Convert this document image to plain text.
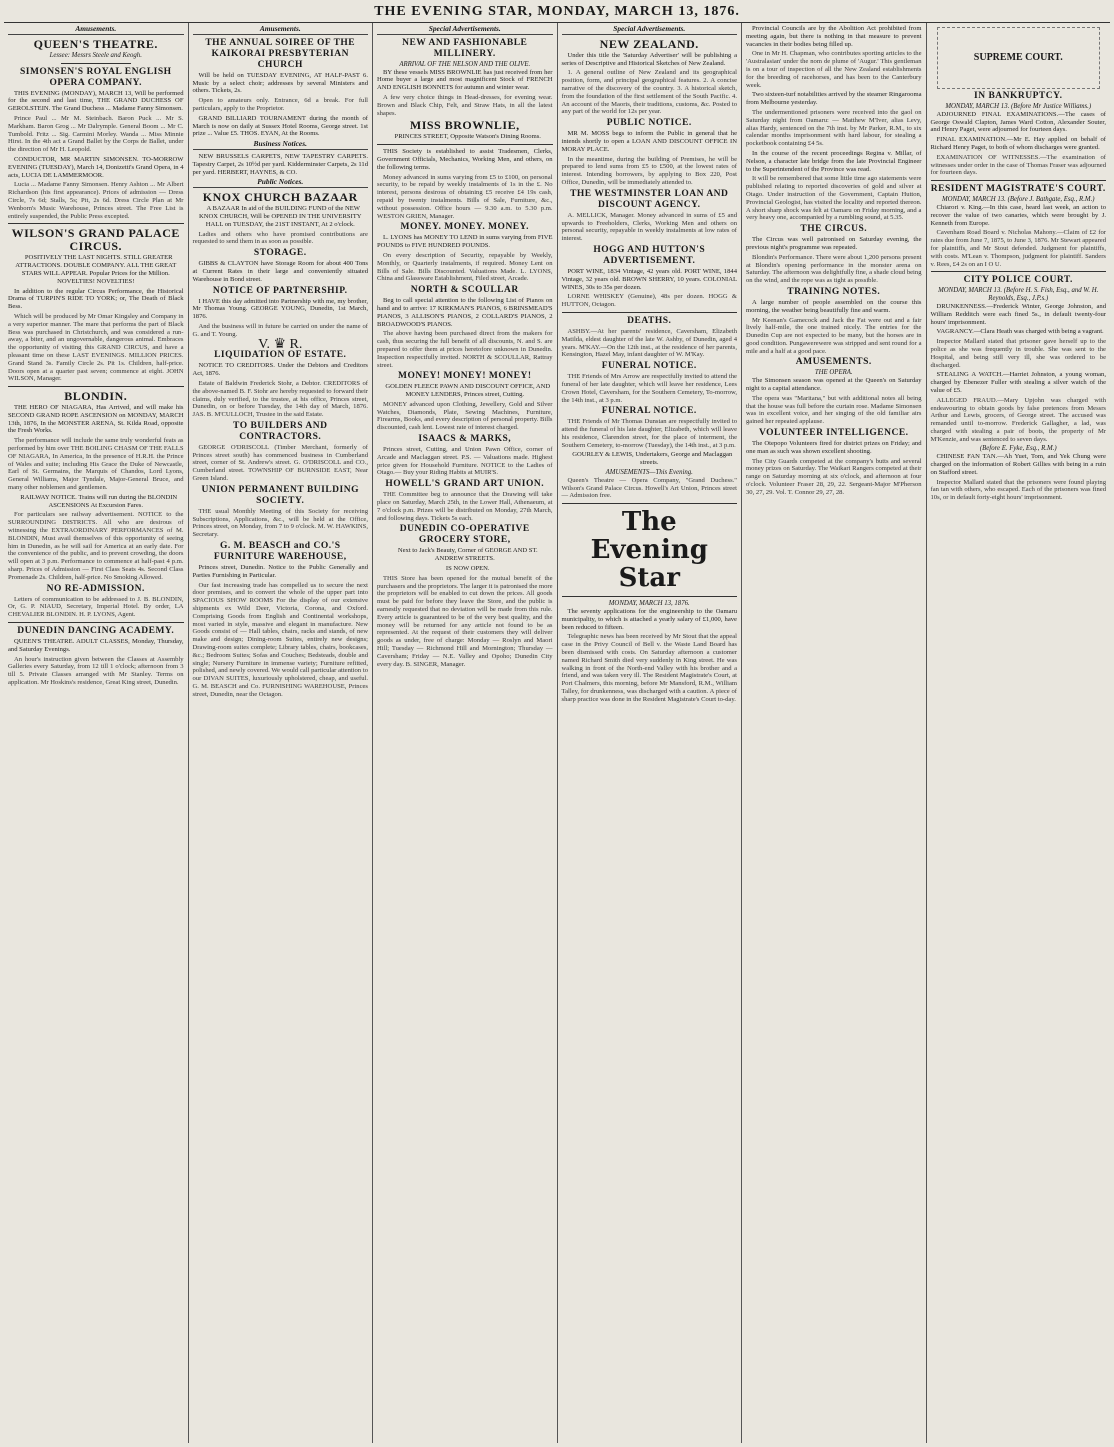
THE EVENING STAR, MONDAY, MARCH 13, 1876.
Amusements.
QUEEN'S THEATRE.
Lessee: Messrs Steele and Keogh.
SIMONSEN'S ROYAL ENGLISH OPERA COMPANY.

THIS EVENING (MONDAY), MARCH 13, Will be performed for the second and last time, THE GRAND DUCHESS OF GEROLSTEIN. The Grand Duchess ... Madame Fanny Simonsen.

Prince Paul ... Mr M. Steinbach. Baron Puck ... Mr S. Markham. Baron Grog ... Mr Dalrymple. General Boom ... Mr C. Tumbold. Fritz ... Sig. Carmini Morley. Wanda ... Miss Minnie Hirst. In the 4th act a Grand Ballet by the Corps de Ballet, under the direction of Mr H. Leopold.

CONDUCTOR, MR MARTIN SIMONSEN. TO-MORROW EVENING (TUESDAY), March 14, Donizetti's Grand Opera, in 4 acts, LUCIA DE LAMMERMOOR.

Lucia ... Madame Fanny Simonsen. Henry Ashton ... Mr Albert Richardson (his first appearance). Prices of admission — Dress Circle, 7s 6d; Stalls, 5s; Pit, 2s 6d. Dress Circle Plan at Mr Wenborn's Music Warehouse, Princes street. The Free List is entirely suspended, the Public Press excepted.

WILSON'S GRAND PALACE CIRCUS.

POSITIVELY THE LAST NIGHTS. STILL GREATER ATTRACTIONS. DOUBLE COMPANY. ALL THE GREAT STARS WILL APPEAR. Popular Prices for the Million. NOVELTIES! NOVELTIES!

In addition to the regular Circus Performance, the Historical Drama of TURPIN'S RIDE TO YORK; or, The Death of Black Bess.

Which will be produced by Mr Omar Kingsley and Company in a very superior manner. The mare that performs the part of Black Bess was purchased in Christchurch, and was considered a run-away, a biter, and an ungovernable, dangerous animal. Embraces the opportunity of visiting this GRAND CIRCUS, and have a pleasant time on these LAST EVENINGS. MILLION PRICES. Grand Stand 3s. Family Circle 2s. Pit 1s. Children, half-price. Doors open at a quarter past seven; commence at eight. JOHN WILSON, Manager.

BLONDIN.

THE HERO OF NIAGARA, Has Arrived, and will make his SECOND GRAND ROPE ASCENSION on MONDAY, MARCH 13th, 1876, In the MONSTER ARENA, St. Kilda Road, opposite the Fresh Works.

The performance will include the same truly wonderful feats as performed by him over THE BOILING CHASM OF THE FALLS OF NIAGARA, In America, In the presence of H.R.H. the Prince of Wales and suite; including His Grace the Duke of Newcastle, Earl of St. Germains, the Marquis of Chandos, Lord Lyons, General Williams, Major Tyndale, Major-General Bruce, and many other noblemen and gentlemen.

RAILWAY NOTICE. Trains will run during the BLONDIN ASCENSIONS At Excursion Fares.

For particulars see railway advertisement. NOTICE to the SURROUNDING DISTRICTS. All who are desirous of witnessing the EXTRAORDINARY PERFORMANCES of M. BLONDIN, Must avail themselves of this opportunity of seeing him in Dunedin, as he will sail for America at an early date. For the convenience of the public, and to prevent crowding, the doors will open at 3 p.m. Performance to commence at half-past 4 p.m. sharp. Prices of Admission — First Class Seats 4s. Second Class Promenade 2s. Children, half-price. No Smoking Allowed.

NO RE-ADMISSION.

Letters of communication to be addressed to J. B. BLONDIN, Or, G. P. NIAUD, Secretary, Imperial Hotel. By order, LA CHEVALIER BLONDIN. H. P. LYONS, Agent.

DUNEDIN DANCING ACADEMY.

QUEEN'S THEATRE. ADULT CLASSES, Monday, Thursday, and Saturday Evenings.

An hour's instruction given between the Classes at Assembly Galleries every Saturday, from 12 till 1 o'clock; afternoon from 3 till 5. Private Classes arranged with Mr Stanley. Terms on application. Mr Hoskins's residence, Great King street, Dunedin.

Amusements.
THE ANNUAL SOIREE OF THE KAIKORAI PRESBYTERIAN CHURCH

Will be held on TUESDAY EVENING, AT HALF-PAST 6. Music by a select choir; addresses by several Ministers and others. Tickets, 2s.

Open to amateurs only. Entrance, 6d a break. For full particulars, apply to the Proprietor.

GRAND BILLIARD TOURNAMENT during the month of March is now on daily at Sussex Hotel Rooms, George street. 1st prize ... Value £5. THOS. EYAN, At the Rooms.

Business Notices.

NEW BRUSSELS CARPETS, NEW TAPESTRY CARPETS. Tapestry Carpet, 2s 10½d per yard. Kidderminster Carpets, 2s 11d per yard. HERBERT, HAYNES, & CO.

Public Notices.
KNOX CHURCH BAZAAR

A BAZAAR In aid of the BUILDING FUND of the NEW KNOX CHURCH, Will be OPENED IN THE UNIVERSITY HALL on TUESDAY, the 21ST INSTANT, At 2 o'clock.

Ladies and others who have promised contributions are requested to send them in as soon as possible.

STORAGE.

GIBBS & CLAYTON have Storage Room for about 400 Tons at Current Rates in their large and conveniently situated Warehouse in Bond street.

NOTICE OF PARTNERSHIP.

I HAVE this day admitted into Partnership with me, my brother, Mr Thomas Young. GEORGE YOUNG, Dunedin, 1st March, 1876.

And the business will in future be carried on under the name of G. and T. Young.

V. ♛ R.
LIQUIDATION OF ESTATE.

NOTICE TO CREDITORS. Under the Debtors and Creditors Act, 1876.

Estate of Baldwin Frederick Stohr, a Debtor. CREDITORS of the above-named B. F. Stohr are hereby requested to forward their claims, duly verified, to the trustee, at his office, Princes street, Dunedin, on or before Tuesday, the 14th day of March, 1876. JAS. B. M'CULLOCH, Trustee in the said Estate.

TO BUILDERS AND CONTRACTORS.

GEORGE O'DRISCOLL (Timber Merchant, formerly of Princes street south) has commenced business in Cumberland street, corner of St. Andrew's street. G. O'DRISCOLL and CO., Cumberland street. TOWNSHIP OF BURNSIDE EAST, Near Green Island.

UNION PERMANENT BUILDING SOCIETY.

THE usual Monthly Meeting of this Society for receiving Subscriptions, Applications, &c., will be held at the Office, Princes street, on Monday, from 7 to 9 o'clock. M. W. HAWKINS, Secretary.

G. M. BEASCH and CO.'S FURNITURE WAREHOUSE,

Princes street, Dunedin. Notice to the Public Generally and Parties Furnishing in Particular.

Our fast increasing trade has compelled us to secure the next door premises, and to convert the whole of the upper part into SPACIOUS SHOW ROOMS For the display of our extensive shipments ex Wild Deer, Victoria, Corona, and Oxford. Comprising Goods from English and Continental workshops, most varied in style, massive and elegant in manufacture. New Goods consist of — Hall tables, chairs, racks and stands, of new make and design; Dining-room Suites, entirely new designs; Drawing-room suites complete; Library tables, chairs, bookcases, &c.; Bedroom Suites; Sofas and Couches; Bedsteads, double and single; Nursery Furniture in immense variety; Furniture refitted, polished, and newly covered. We would call particular attention to our DIVAN SUITES, luxuriously upholstered, cheap, and useful. G. M. BEASCH and Co. FURNISHING WAREHOUSE, Princes street, Dunedin, near the Octagon.

Special Advertisements.
NEW AND FASHIONABLE MILLINERY.
ARRIVAL OF THE NELSON AND THE OLIVE.

BY these vessels MISS BROWNLIE has just received from her Home buyer a large and most magnificent Stock of FRENCH AND ENGLISH BONNETS for autumn and winter wear.

A few very choice things in Head-dresses, for evening wear. Brown and Black Chip, Felt, and Straw Hats, in all the latest shapes.

MISS BROWNLIE,

PRINCES STREET, Opposite Watson's Dining Rooms.

THIS Society is established to assist Tradesmen, Clerks, Government Officials, Mechanics, Working Men, and others, on the following terms.

Money advanced in sums varying from £5 to £100, on personal security, to be repaid by weekly instalments of 1s in the £. No interest, persons desirous of obtaining £5 receive £4 19s cash, repaid by twenty instalments. Bills of Sale, Furniture, &c., without possession. Office hours — 9.30 a.m. to 5.30 p.m. WESTON GRIEN, Manager.

MONEY. MONEY. MONEY.

L. LYONS has MONEY TO LEND in sums varying from FIVE POUNDS to FIVE HUNDRED POUNDS.

On every description of Security, repayable by Weekly, Monthly, or Quarterly instalments, if required. Money Lent on Bills of Sale. Bills Discounted. Valuations Made. L. LYONS, China and Glassware Establishment, Filed street, Arcade.

NORTH & SCOULLAR

Beg to call special attention to the following List of Pianos on hand and to arrive: 17 KIRKMAN'S PIANOS, 6 BRINSMEAD'S PIANOS, 3 ALLISON'S PIANOS, 2 COLLARD'S PIANOS, 2 BROADWOOD'S PIANOS.

The above having been purchased direct from the makers for cash, thus securing the full benefit of all discounts, N. and S. are prepared to offer them at prices heretofore unknown in Dunedin. Inspection respectfully invited. NORTH & SCOULLAR, Rattray street.

MONEY! MONEY! MONEY!

GOLDEN FLEECE PAWN AND DISCOUNT OFFICE, AND MONEY LENDERS, Princes street, Cutting.

MONEY advanced upon Clothing, Jewellery, Gold and Silver Watches, Diamonds, Plate, Sewing Machines, Furniture, Firearms, Books, and every description of personal property. Bills discounted, cash lent. Lowest rate of interest charged.

ISAACS & MARKS,

Princes street, Cutting, and Union Pawn Office, corner of Arcade and Maclaggan street. P.S. — Valuations made. Highest price given for Household Furniture. NOTICE to the Ladies of Otago.— Buy your Riding Habits at MUIR'S.

HOWELL'S GRAND ART UNION.

THE Committee beg to announce that the Drawing will take place on Saturday, March 25th, in the Lower Hall, Athenaeum, at 7 o'clock p.m. Prizes will be distributed on Monday, 27th March, and following days. Tickets 5s each.

DUNEDIN CO-OPERATIVE GROCERY STORE,

Next to Jack's Beauty, Corner of GEORGE AND ST. ANDREW STREETS.

IS NOW OPEN.

THIS Store has been opened for the mutual benefit of the purchasers and the proprietors. The larger it is patronised the more the proprietors will be enabled to cut down the prices. All goods must be paid for before they leave the Store, and the public is earnestly requested that no deviation will be made from this rule. Every article is guaranteed to be of the very best quality, and the money will be returned for any article not found to be as represented. At the request of their customers they will deliver goods as under, free of charge: Monday — Roslyn and Maori Hill; Tuesday — Richmond Hill and Mornington; Thursday — Caversham; Friday — N.E. Valley and Opoho; Dunedin City every day. B. SINGER, Manager.

Special Advertisements.
NEW ZEALAND.

Under this title the 'Saturday Advertiser' will be publishing a series of Descriptive and Historical Sketches of New Zealand.

1. A general outline of New Zealand and its geographical position, form, and principal geographical features. 2. A concise narrative of the discovery of the country. 3. A historical sketch, from the foundation of the first settlement of the South Pacific. 4. An account of the Maoris, their traditions, customs, &c. Posted to any part of the world for 12s per year.

PUBLIC NOTICE.

MR M. MOSS begs to inform the Public in general that he intends shortly to open a LOAN AND DISCOUNT OFFICE IN MORAY PLACE.

In the meantime, during the building of Premises, he will be prepared to lend sums from £5 to £500, at the lowest rates of interest. Intending borrowers, by applying to Box 220, Post Office, Dunedin, will be immediately attended to.

THE WESTMINSTER LOAN AND DISCOUNT AGENCY.

A. MELLICK, Manager. Money advanced in sums of £5 and upwards to Freeholders, Clerks, Working Men and others on personal security, repayable in weekly instalments at low rates of interest.

HOGG AND HUTTON'S ADVERTISEMENT.

PORT WINE, 1834 Vintage, 42 years old. PORT WINE, 1844 Vintage, 32 years old. BROWN SHERRY, 10 years. COLONIAL WINES, 30s to 35s per dozen.

LORNE WHISKEY (Genuine), 48s per dozen. HOGG & HUTTON, Octagon.

DEATHS.

ASHBY.—At her parents' residence, Caversham, Elizabeth Matilda, eldest daughter of the late W. Ashby, of Dunedin, aged 4 years. M'KAY.—On the 12th inst., at the residence of her parents, Kensington, Hazel May, infant daughter of W. M'Kay.

FUNERAL NOTICE.

THE Friends of Mrs Arrow are respectfully invited to attend the funeral of her late daughter, which will leave her residence, Lees Crown Hotel, Caversham, for the Southern Cemetery, To-morrow, the 14th inst., at 3 p.m.

FUNERAL NOTICE.

THE Friends of Mr Thomas Dunstan are respectfully invited to attend the funeral of his late daughter, Elizabeth, which will leave his residence, Clarendon street, for the place of interment, the Southern Cemetery, to-morrow (Tuesday), the 14th inst., at 3 p.m.

GOURLEY & LEWIS, Undertakers, George and Maclaggan streets.

AMUSEMENTS—This Evening.

Queen's Theatre — Opera Company, "Grand Duchess." Wilson's Grand Palace Circus. Howell's Art Union, Princes street — Admission free.

The Evening Star
MONDAY, MARCH 13, 1876.

The seventy applications for the engineership to the Oamaru municipality, to which is attached a yearly salary of £1,000, have been reduced to fifteen.

Telegraphic news has been received by Mr Stout that the appeal case in the Privy Council of Bell v. the Waste Land Board has been dismissed with costs. On Saturday afternoon a customer named Richard Smith died very suddenly in King street. He was walking in front of the North-end Valley with his brother and a friend, and was taken very ill. The Resident Magistrate's Court, at Port Chalmers, this morning, before Mr Mansford, R.M., William Talley, for drunkenness, was discharged with a caution. A piece of sharp practice was done in the Resident Magistrate's Court to-day.

Provincial Councils are by the Abolition Act prohibited from meeting again, but there is nothing in that measure to prevent vacancies in their bodies being filled up.

One in Mr H. Chapman, who contributes sporting articles to the 'Australasian' under the nom de plume of 'Augur.' This gentleman is on a tour of inspection of all the New Zealand establishments for the breeding of racehorses, and has been to the Canterbury week.

Two sixteen-turf notabilities arrived by the steamer Ringarooma from Melbourne yesterday.

The undermentioned prisoners were received into the gaol on Saturday night from Oamaru: — Matthew M'Iver, alias Levy, alias Hardy, sentenced on the 7th inst. by Mr Parker, R.M., to six calendar months imprisonment with hard labour, for stealing a pocketbook containing £4 5s.

In the course of the recent proceedings Regina v. Millar, of Nelson, a character late bridge from the late Provincial Engineer to the Superintendent of the Province was read.

It will be remembered that some little time ago statements were published relating to reported discoveries of gold and silver at Otago. Under instruction of the Government, Captain Hutton, Provincial Geologist, has visited the locality and reported thereon. A short sharp shock was felt at Oamaru on Friday morning, and a very heavy one, accompanied by a rumbling sound, at 5.35.

THE CIRCUS.

The Circus was well patronised on Saturday evening, the previous night's programme was repeated.

Blondin's Performance. There were about 1,200 persons present at Blondin's opening performance in the monster arena on Saturday. The afternoon was delightfully fine, a shade cloud being on the wind, and the rope was as tight as possible.

TRAINING NOTES.

A large number of people assembled on the course this morning, the weather being beautifully fine and warm.

Mr Keenan's Gamecock and Jack the Fat were out and a fair lively half-mile, the one trained nicely. The entries for the Dunedin Cup are not expected to be many, but the horses are in good condition. Pungawerewere was stripped and sent round for a mile and a half at a good pace.

AMUSEMENTS.
THE OPERA.

The Simonsen season was opened at the Queen's on Saturday night to a capital attendance.

The opera was "Maritana," but with additional notes all being that the house was full before the curtain rose. Madame Simonsen was in excellent voice, and her singing of the old familiar airs gained her repeated applause.

VOLUNTEER INTELLIGENCE.

The Otepopo Volunteers fired for district prizes on Friday; and one man as such was shown excellent shooting.

The City Guards competed at the company's butts and several money prizes on Saturday. The Waikari Rangers competed at their range on Saturday morning at six o'clock, and afternoon at four o'clock. Volunteer Fraser 28, 29, 22. Sergeant-Major M'Pherson 30, 27, 29. Vol. T. Connor 29, 27, 28.

SUPREME COURT.
IN BANKRUPTCY.
MONDAY, MARCH 13. (Before Mr Justice Williams.)

ADJOURNED FINAL EXAMINATIONS.—The cases of George Oswald Clapton, James Ward Cotton, Alexander Souter, and Henry Paget, were adjourned for fourteen days.

FINAL EXAMINATION.—Mr E. Hay applied on behalf of Richard Henry Paget, to both of whom discharges were granted.

EXAMINATION OF WITNESSES.—The examination of witnesses under order in the case of Thomas Fraser was adjourned for fourteen days.

RESIDENT MAGISTRATE'S COURT.
MONDAY, MARCH 13. (Before J. Bathgate, Esq., R.M.)

Chiarori v. King.—In this case, heard last week, an action to recover the value of two canaries, which were brought by J. Kenneth from Europe.

Cavenham Road Board v. Nicholas Mahony.—Claim of £2 for rates due from June 7, 1875, to June 3, 1876. Mr Stewart appeared for plaintiffs, and Mr Stout defended. Judgment for plaintiffs, with costs. M'Lean v. Thompson, judgment for plaintiff. Sanders v. Rees, £4 2s on an I O U.

CITY POLICE COURT.
MONDAY, MARCH 13. (Before H. S. Fish, Esq., and W. H. Reynolds, Esq., J.P.s.)

DRUNKENNESS.—Frederick Winter, George Johnston, and William Redditch were each fined 5s., in default twenty-four hours' imprisonment.

VAGRANCY.—Clara Heath was charged with being a vagrant.

Inspector Mallard stated that prisoner gave herself up to the police as she was frequently in trouble. She was sent to the Hospital, and being still very ill, she was ordered to be discharged.

STEALING A WATCH.—Harriet Johnston, a young woman, charged by Ebenezer Fuller with stealing a silver watch of the value of £5.

ALLEGED FRAUD.—Mary Upjohn was charged with endeavouring to obtain goods by false pretences from Messrs Arthur and Lewis, grocers, of George street. The accused was remanded until to-morrow. Frederick Gallagher, a lad, was charged with stealing a pair of boots, the property of Mr M'Kenzie, and was sentenced to seven days.

(Before E. Fyke, Esq., R.M.)

CHINESE FAN TAN.—Ah Yuet, Tom, and Yek Chung were charged on the information of Robert Gillies with being in a ruin on Stafford street.

Inspector Mallard stated that the prisoners were found playing fan tan with others, who escaped. Each of the prisoners was fined 10s, or in default forty-eight hours' imprisonment.
